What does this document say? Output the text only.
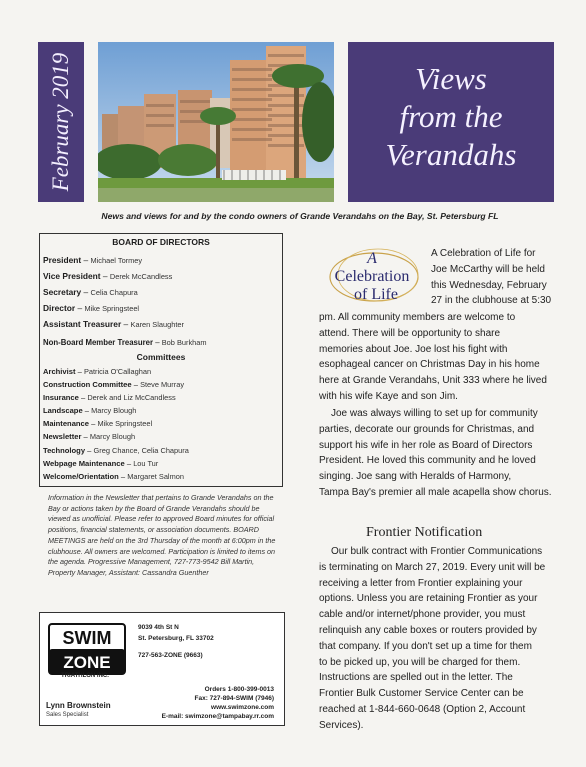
February 2019	Views
from the
Verandahs
News and views for and by the condo owners of Grande Verandahs on the Bay, St. Petersburg FL
BOARD OF DIRECTORS
President – Michael Tormey
Vice President – Derek McCandless
Secretary – Celia Chapura
Director – Mike Springsteel
Assistant Treasurer – Karen Slaughter
Non-Board Member Treasurer – Bob Burkham
Committees
Archivist – Patricia O'Callaghan
Construction Committee – Steve Murray
Insurance – Derek and Liz McCandless
Landscape – Marcy Blough
Maintenance – Mike Springsteel
Newsletter – Marcy Blough
Technology – Greg Chance, Celia Chapura
Webpage Maintenance – Lou Tur
Welcome/Orientation – Margaret Salmon
Information in the Newsletter that pertains to Grande Verandahs on the Bay or actions taken by the Board of Grande Verandahs should be viewed as unofficial. Please refer to approved Board minutes for official positions, financial statements, or association documents. BOARD MEETINGS are held on the 3rd Thursday of the month at 6:00pm in the clubhouse. All owners are welcomed. Participation is limited to items on the agenda. Progressive Management, 727-773-9542 Bill Martin, Property Manager, Assistant: Cassandra Guenther
SWIM
ZONE
TRIATHLON INC.
9039 4th St N
St. Petersburg, FL 33702
727-563-ZONE (9663)
Orders 1-800-399-0013
Fax: 727-894-SWIM (7946)
www.swimzone.com
E-mail: swimzone@tampabay.rr.com
Lynn Brownstein
Sales Specialist
A
Celebration
of Life
A Celebration of Life for
Joe McCarthy will be held
this Wednesday, February
27 in the clubhouse at 5:30
pm. All community members are welcome to
attend. There will be opportunity to share
memories about Joe. Joe lost his fight with
esophageal cancer on Christmas Day in his home
here at Grande Verandahs, Unit 333 where he lived
with his wife Kaye and son Jim.
Joe was always willing to set up for community
parties, decorate our grounds for Christmas, and
support his wife in her role as Board of Directors
President. He loved this community and he loved
singing. Joe sang with Heralds of Harmony,
Tampa Bay's premier all male acapella show chorus.
Frontier Notification
Our bulk contract with Frontier Communications
is terminating on March 27, 2019. Every unit will be
receiving a letter from Frontier explaining your
options. Unless you are retaining Frontier as your
cable and/or internet/phone provider, you must
relinquish any cable boxes or routers provided by
that company. If you don't set up a time for them
to be picked up, you will be charged for them.
Instructions are spelled out in the letter. The
Frontier Bulk Customer Service Center can be
reached at 1-844-660-0648 (Option 2, Account
Services).
